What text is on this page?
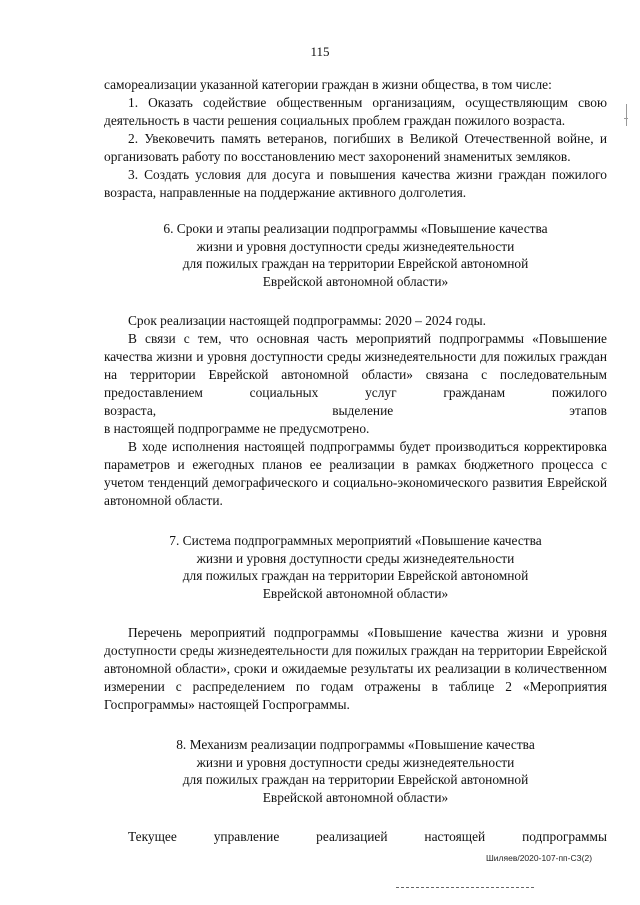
115

самореализации указанной категории граждан в жизни общества, в том числе:

1. Оказать содействие общественным организациям, осуществляющим свою деятельность в части решения социальных проблем граждан пожилого возраста.

2. Увековечить память ветеранов, погибших в Великой Отечественной войне, и организовать работу по восстановлению мест захоронений знаменитых земляков.

3. Создать условия для досуга и повышения качества жизни граждан пожилого возраста, направленные на поддержание активного долголетия.

6. Сроки и этапы реализации подпрограммы «Повышение качества
жизни и уровня доступности среды жизнедеятельности
для пожилых граждан на территории Еврейской автономной
Еврейской автономной области»

Срок реализации настоящей подпрограммы: 2020 – 2024 годы.

В связи с тем, что основная часть мероприятий подпрограммы «Повышение качества жизни и уровня доступности среды жизнедеятельности для пожилых граждан на территории Еврейской автономной области» связана с последовательным предоставлением социальных услуг гражданам пожилого

возраста,	выделение	этапов

в настоящей подпрограмме не предусмотрено.

В ходе исполнения настоящей подпрограммы будет производиться корректировка параметров и ежегодных планов ее реализации в рамках бюджетного процесса с учетом тенденций демографического и социально-экономического развития Еврейской автономной области.

7. Система подпрограммных мероприятий «Повышение качества
жизни и уровня доступности среды жизнедеятельности
для пожилых граждан на территории Еврейской автономной
Еврейской автономной области»

Перечень мероприятий подпрограммы «Повышение качества жизни и уровня доступности среды жизнедеятельности для пожилых граждан на территории Еврейской автономной области», сроки и ожидаемые результаты их реализации в количественном измерении с распределением по годам отражены в таблице 2 «Мероприятия Госпрограммы» настоящей Госпрограммы.

8. Механизм реализации подпрограммы «Повышение качества
жизни и уровня доступности среды жизнедеятельности
для пожилых граждан на территории Еврейской автономной
Еврейской автономной области»

Текущее управление реализацией настоящей подпрограммы

Шиляев/2020-107-пп-СЗ(2)
